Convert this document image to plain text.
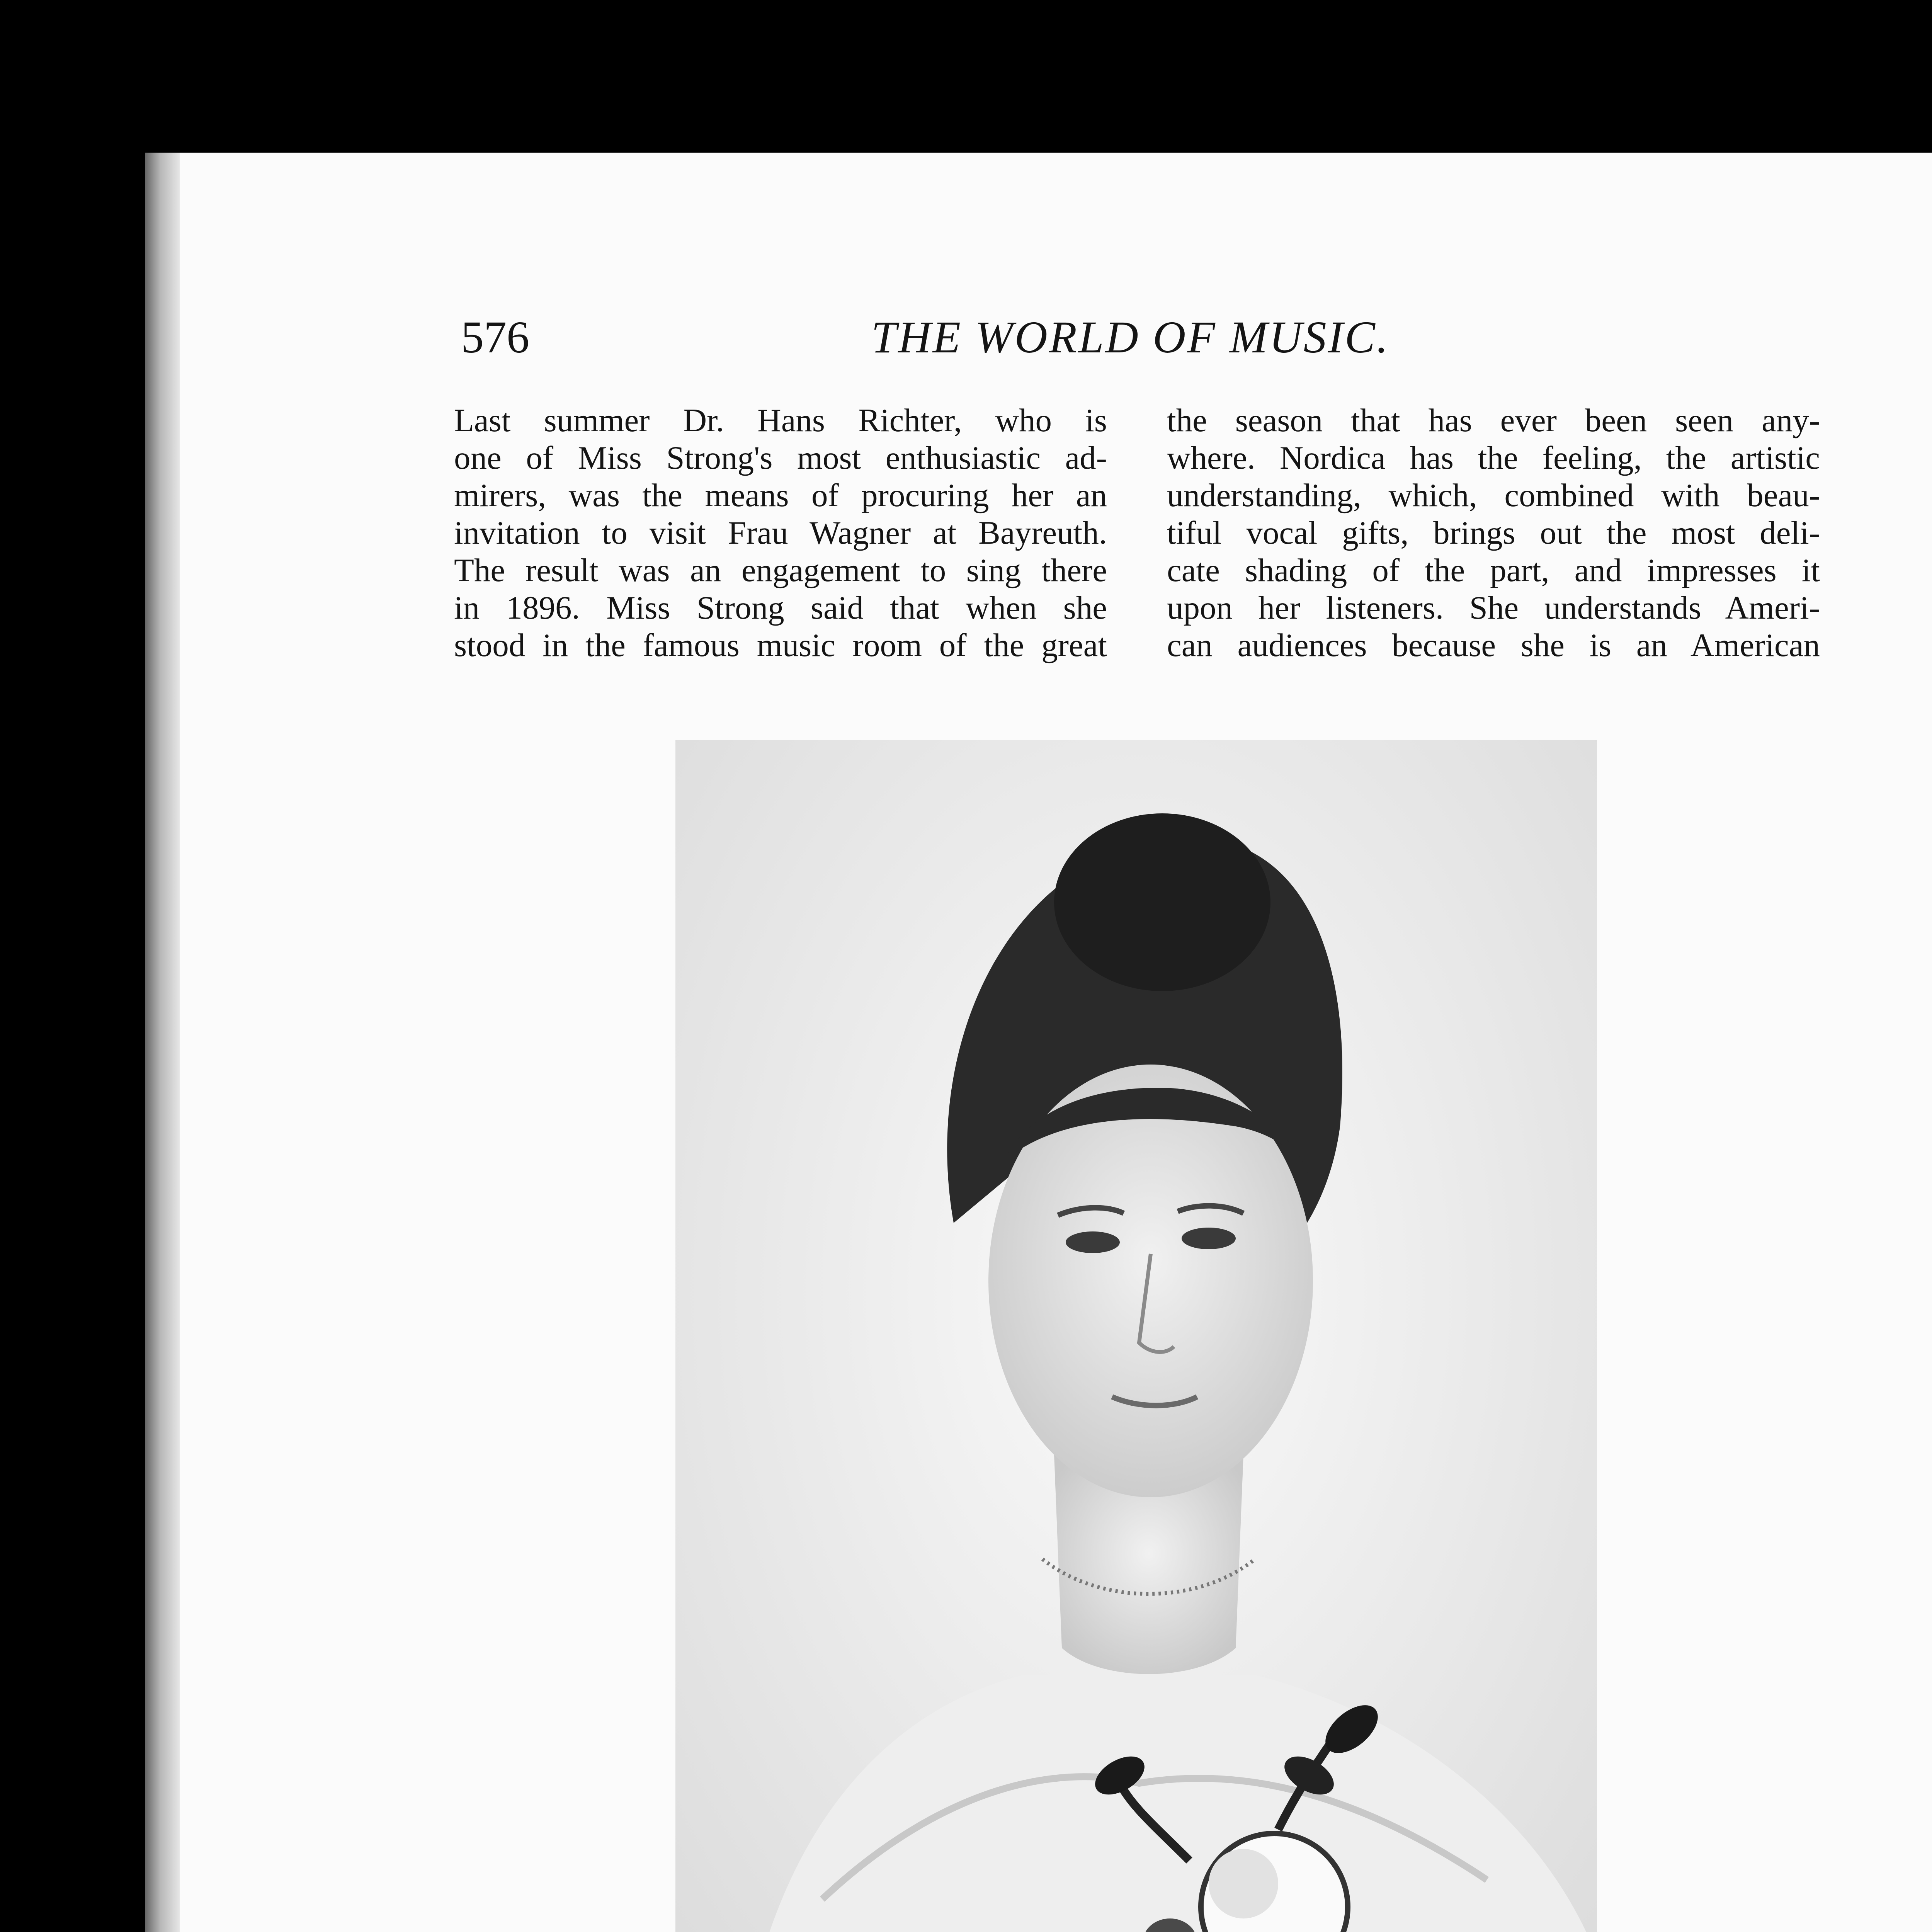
576	THE WORLD OF MUSIC.
Last summer Dr. Hans Richter, who is
one of Miss Strong's most enthusiastic ad-
mirers, was the means of procuring her an
invitation to visit Frau Wagner at Bayreuth.
The result was an engagement to sing there
in 1896. Miss Strong said that when she
stood in the famous music room of the great
the season that has ever been seen any-
where. Nordica has the feeling, the artistic
understanding, which, combined with beau-
tiful vocal gifts, brings out the most deli-
cate shading of the part, and impresses it
upon her listeners. She understands Ameri-
can audiences because she is an American
